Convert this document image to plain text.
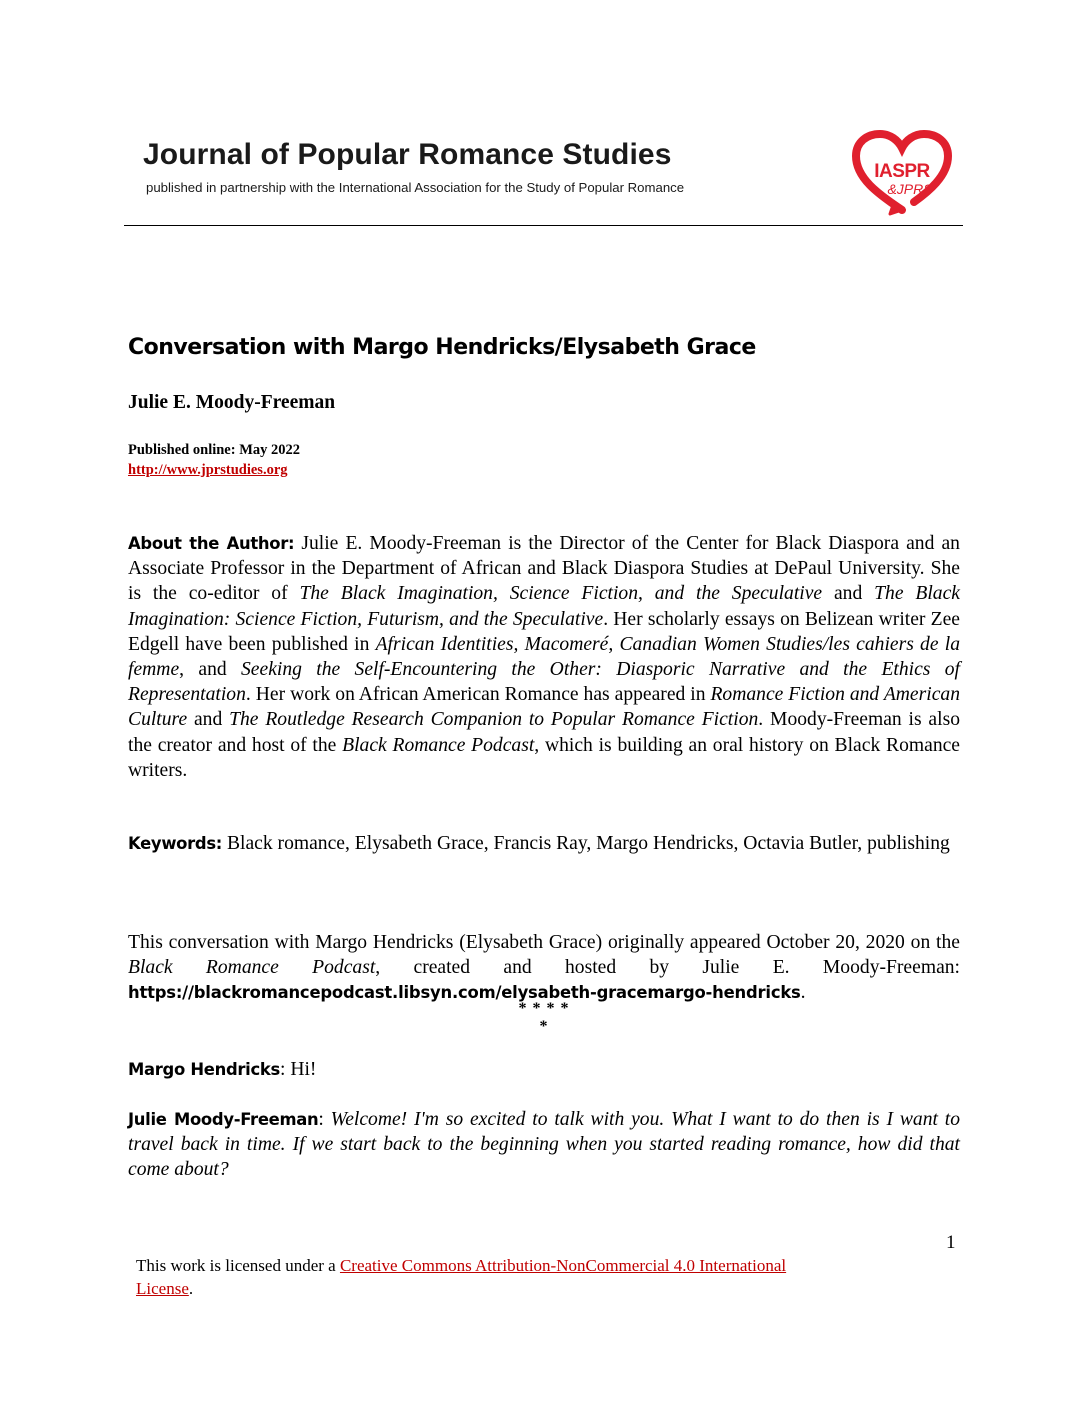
Journal of Popular Romance Studies
published in partnership with the International Association for the Study of Popular Romance
IASPR
&JPRS
Conversation with Margo Hendricks/Elysabeth Grace
Julie E. Moody-Freeman
Published online: May 2022
http://www.jprstudies.org
About the Author: Julie E. Moody-Freeman is the Director of the Center for Black Diaspora and an Associate Professor in the Department of African and Black Diaspora Studies at DePaul University. She is the co-editor of The Black Imagination, Science Fiction, and the Speculative and The Black Imagination: Science Fiction, Futurism, and the Speculative. Her scholarly essays on Belizean writer Zee Edgell have been published in African Identities, Macomeré, Canadian Women Studies/les cahiers de la femme, and Seeking the Self-Encountering the Other: Diasporic Narrative and the Ethics of Representation. Her work on African American Romance has appeared in Romance Fiction and American Culture and The Routledge Research Companion to Popular Romance Fiction. Moody-Freeman is also the creator and host of the Black Romance Podcast, which is building an oral history on Black Romance writers.
Keywords: Black romance, Elysabeth Grace, Francis Ray, Margo Hendricks, Octavia Butler, publishing
This conversation with Margo Hendricks (Elysabeth Grace) originally appeared October 20, 2020 on the Black Romance Podcast, created and hosted by Julie E. Moody-Freeman: https://blackromancepodcast.libsyn.com/elysabeth-gracemargo-hendricks.
* * * * *
Margo Hendricks: Hi!
Julie Moody-Freeman: Welcome! I'm so excited to talk with you. What I want to do then is I want to travel back in time. If we start back to the beginning when you started reading romance, how did that come about?
1
This work is licensed under a Creative Commons Attribution-NonCommercial 4.0 International License.
